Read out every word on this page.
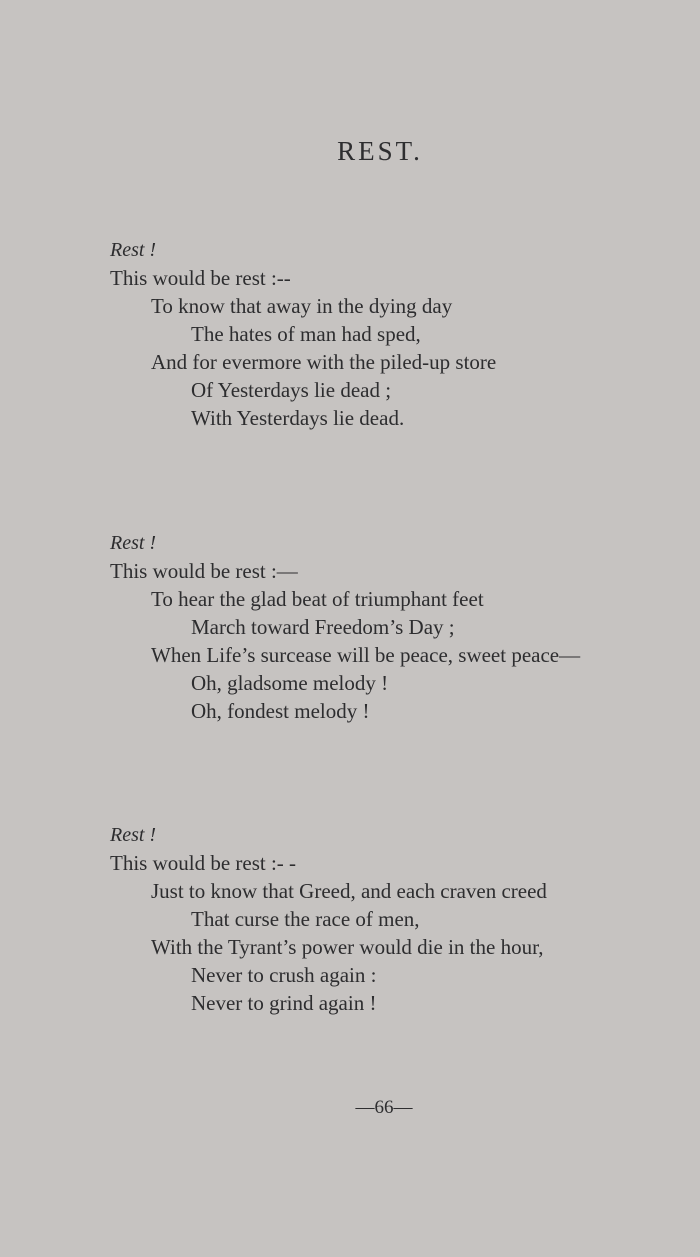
REST.
Rest !
This would be rest :--
To know that away in the dying day
The hates of man had sped,
And for evermore with the piled-up store
Of Yesterdays lie dead ;
With Yesterdays lie dead.
Rest !
This would be rest :—
To hear the glad beat of triumphant feet
March toward Freedom’s Day ;
When Life’s surcease will be peace, sweet peace—
Oh, gladsome melody !
Oh, fondest melody !
Rest !
This would be rest :- -
Just to know that Greed, and each craven creed
That curse the race of men,
With the Tyrant’s power would die in the hour,
Never to crush again :
Never to grind again !
—66—
